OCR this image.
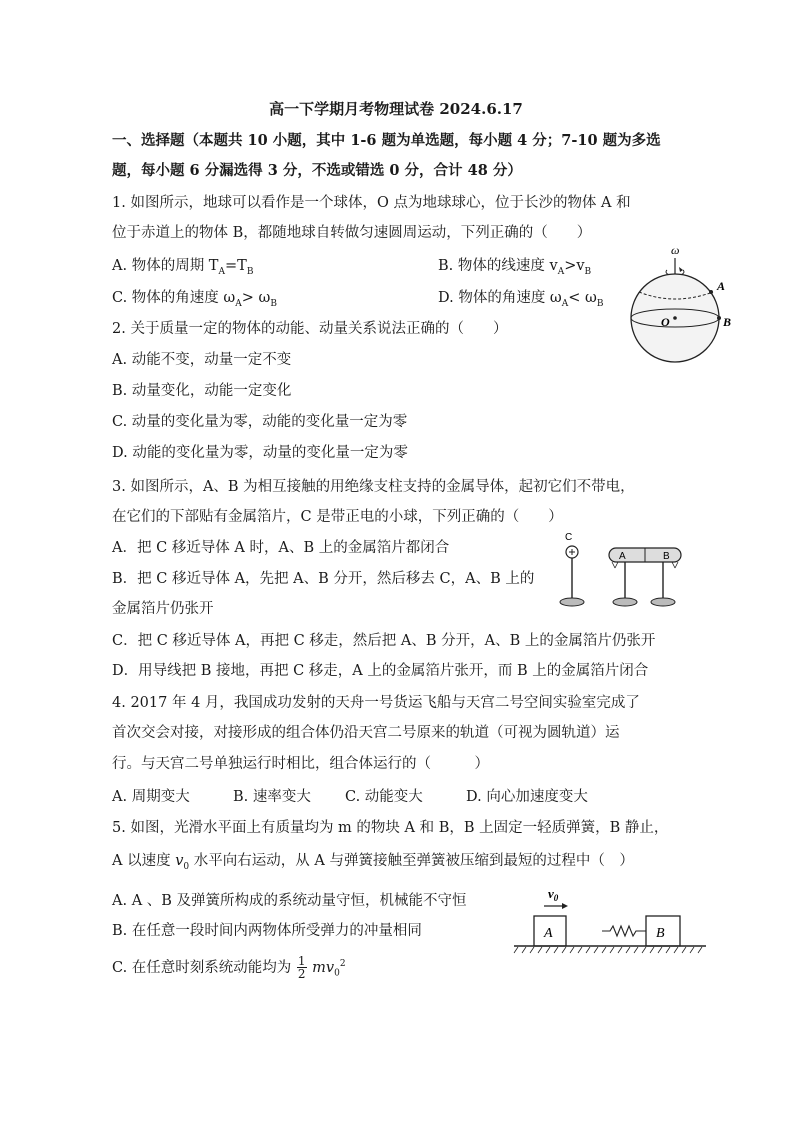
高一下学期月考物理试卷 2024.6.17
一、选择题（本题共 10 小题，其中 1-6 题为单选题，每小题 4 分；7-10 题为多选
题，每小题 6 分漏选得 3 分，不选或错选 0 分，合计 48 分）
1. 如图所示，地球可以看作是一个球体，O 点为地球球心，位于长沙的物体 A 和
位于赤道上的物体 B，都随地球自转做匀速圆周运动，下列正确的（　　）
A. 物体的周期 $T_A=T_B$	B. 物体的线速度 $v_A>v_B$
C. 物体的角速度 $\omega_A> \omega_B$	D. 物体的角速度 $\omega_A< \omega_B$
ω
A
O	B
2. 关于质量一定的物体的动能、动量关系说法正确的（　　）
A. 动能不变，动量一定不变
B. 动量变化，动能一定变化
C. 动量的变化量为零，动能的变化量一定为零
D. 动能的变化量为零，动量的变化量一定为零
3. 如图所示，A、B 为相互接触的用绝缘支柱支持的金属导体，起初它们不带电，
在它们的下部贴有金属箔片，C 是带正电的小球，下列正确的（　　）
A．把 C 移近导体 A 时，A、B 上的金属箔片都闭合
B．把 C 移近导体 A，先把 A、B 分开，然后移去 C，A、B 上的
金属箔片仍张开
C．把 C 移近导体 A，再把 C 移走，然后把 A、B 分开，A、B 上的金属箔片仍张开
D．用导线把 B 接地，再把 C 移走，A 上的金属箔片张开，而 B 上的金属箔片闭合
C
A	B
4. 2017 年 4 月，我国成功发射的天舟一号货运飞船与天宫二号空间实验室完成了
首次交会对接，对接形成的组合体仍沿天宫二号原来的轨道（可视为圆轨道）运
行。与天宫二号单独运行时相比，组合体运行的（　　　）
A. 周期变大	B. 速率变大 C. 动能变大	D. 向心加速度变大
5. 如图，光滑水平面上有质量均为 m 的物块 A 和 B，B 上固定一轻质弹簧，B 静止，
A 以速度 $v_0$ 水平向右运动，从 A 与弹簧接触至弹簧被压缩到最短的过程中（　）
A. A 、B 及弹簧所构成的系统动量守恒，机械能不守恒
B. 在任意一段时间内两物体所受弹力的冲量相同
C. 在任意时刻系统动能均为 $\frac{1}{2} mv_0^2$
$v_0$
A	B
